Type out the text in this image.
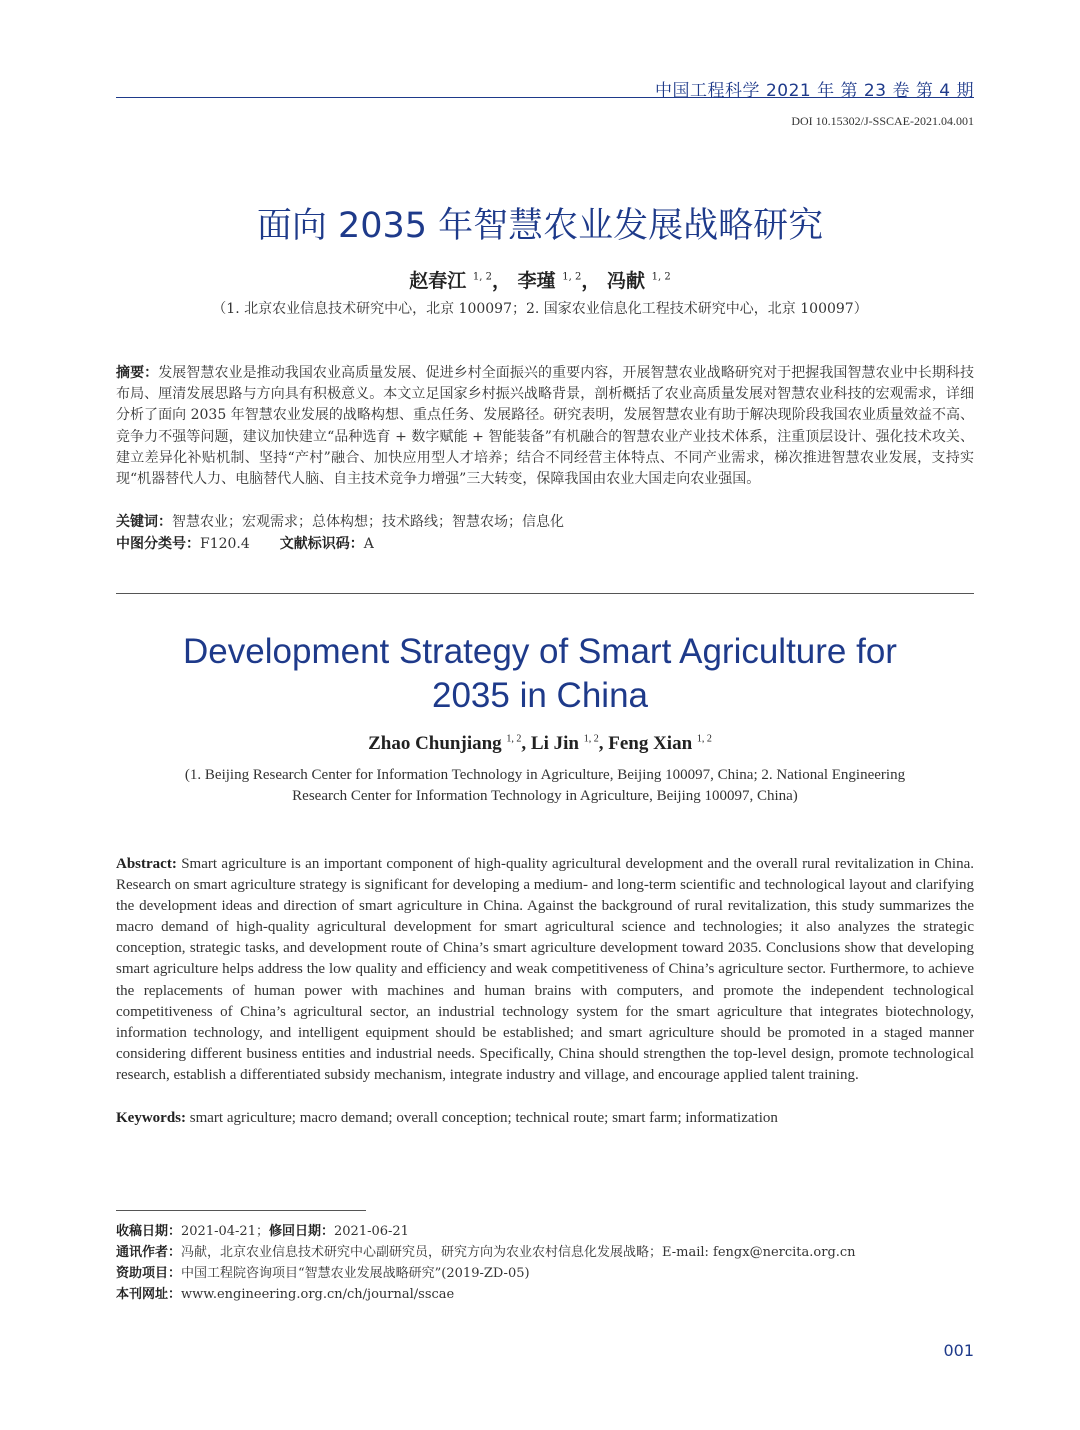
中国工程科学 2021 年 第 23 卷 第 4 期
DOI 10.15302/J-SSCAE-2021.04.001
面向 2035 年智慧农业发展战略研究
赵春江 $^{1, 2}$， 李瑾 $^{1, 2}$， 冯献 $^{1, 2}$
（1. 北京农业信息技术研究中心，北京 100097；2. 国家农业信息化工程技术研究中心，北京 100097）
摘要：发展智慧农业是推动我国农业高质量发展、促进乡村全面振兴的重要内容，开展智慧农业战略研究对于把握我国智慧农业中长期科技布局、厘清发展思路与方向具有积极意义。本文立足国家乡村振兴战略背景，剖析概括了农业高质量发展对智慧农业科技的宏观需求，详细分析了面向 2035 年智慧农业发展的战略构想、重点任务、发展路径。研究表明，发展智慧农业有助于解决现阶段我国农业质量效益不高、竞争力不强等问题，建议加快建立“品种选育 + 数字赋能 + 智能装备”有机融合的智慧农业产业技术体系，注重顶层设计、强化技术攻关、建立差异化补贴机制、坚持“产村”融合、加快应用型人才培养；结合不同经营主体特点、不同产业需求，梯次推进智慧农业发展，支持实现“机器替代人力、电脑替代人脑、自主技术竞争力增强”三大转变，保障我国由农业大国走向农业强国。
关键词：智慧农业；宏观需求；总体构想；技术路线；智慧农场；信息化
中图分类号：F120.4 文献标识码：A
Development Strategy of Smart Agriculture for
2035 in China
Zhao Chunjiang $^{1, 2}$, Li Jin $^{1, 2}$, Feng Xian $^{1, 2}$
(1. Beijing Research Center for Information Technology in Agriculture, Beijing 100097, China; 2. National Engineering
Research Center for Information Technology in Agriculture, Beijing 100097, China)
Abstract: Smart agriculture is an important component of high-quality agricultural development and the overall rural revitalization in China. Research on smart agriculture strategy is significant for developing a medium- and long-term scientific and technological layout and clarifying the development ideas and direction of smart agriculture in China. Against the background of rural revitalization, this study summarizes the macro demand of high-quality agricultural development for smart agricultural science and technologies; it also analyzes the strategic conception, strategic tasks, and development route of China’s smart agriculture development toward 2035. Conclusions show that developing smart agriculture helps address the low quality and efficiency and weak competitiveness of China’s agriculture sector. Furthermore, to achieve the replacements of human power with machines and human brains with computers, and promote the independent technological competitiveness of China’s agricultural sector, an industrial technology system for the smart agriculture that integrates biotechnology, information technology, and intelligent equipment should be established; and smart agriculture should be promoted in a staged manner considering different business entities and industrial needs. Specifically, China should strengthen the top-level design, promote technological research, establish a differentiated subsidy mechanism, integrate industry and village, and encourage applied talent training.
Keywords: smart agriculture; macro demand; overall conception; technical route; smart farm; informatization
收稿日期：2021-04-21；修回日期：2021-06-21
通讯作者：冯献，北京农业信息技术研究中心副研究员，研究方向为农业农村信息化发展战略；E-mail: fengx@nercita.org.cn
资助项目：中国工程院咨询项目“智慧农业发展战略研究”(2019-ZD-05)
本刊网址：www.engineering.org.cn/ch/journal/sscae
001
